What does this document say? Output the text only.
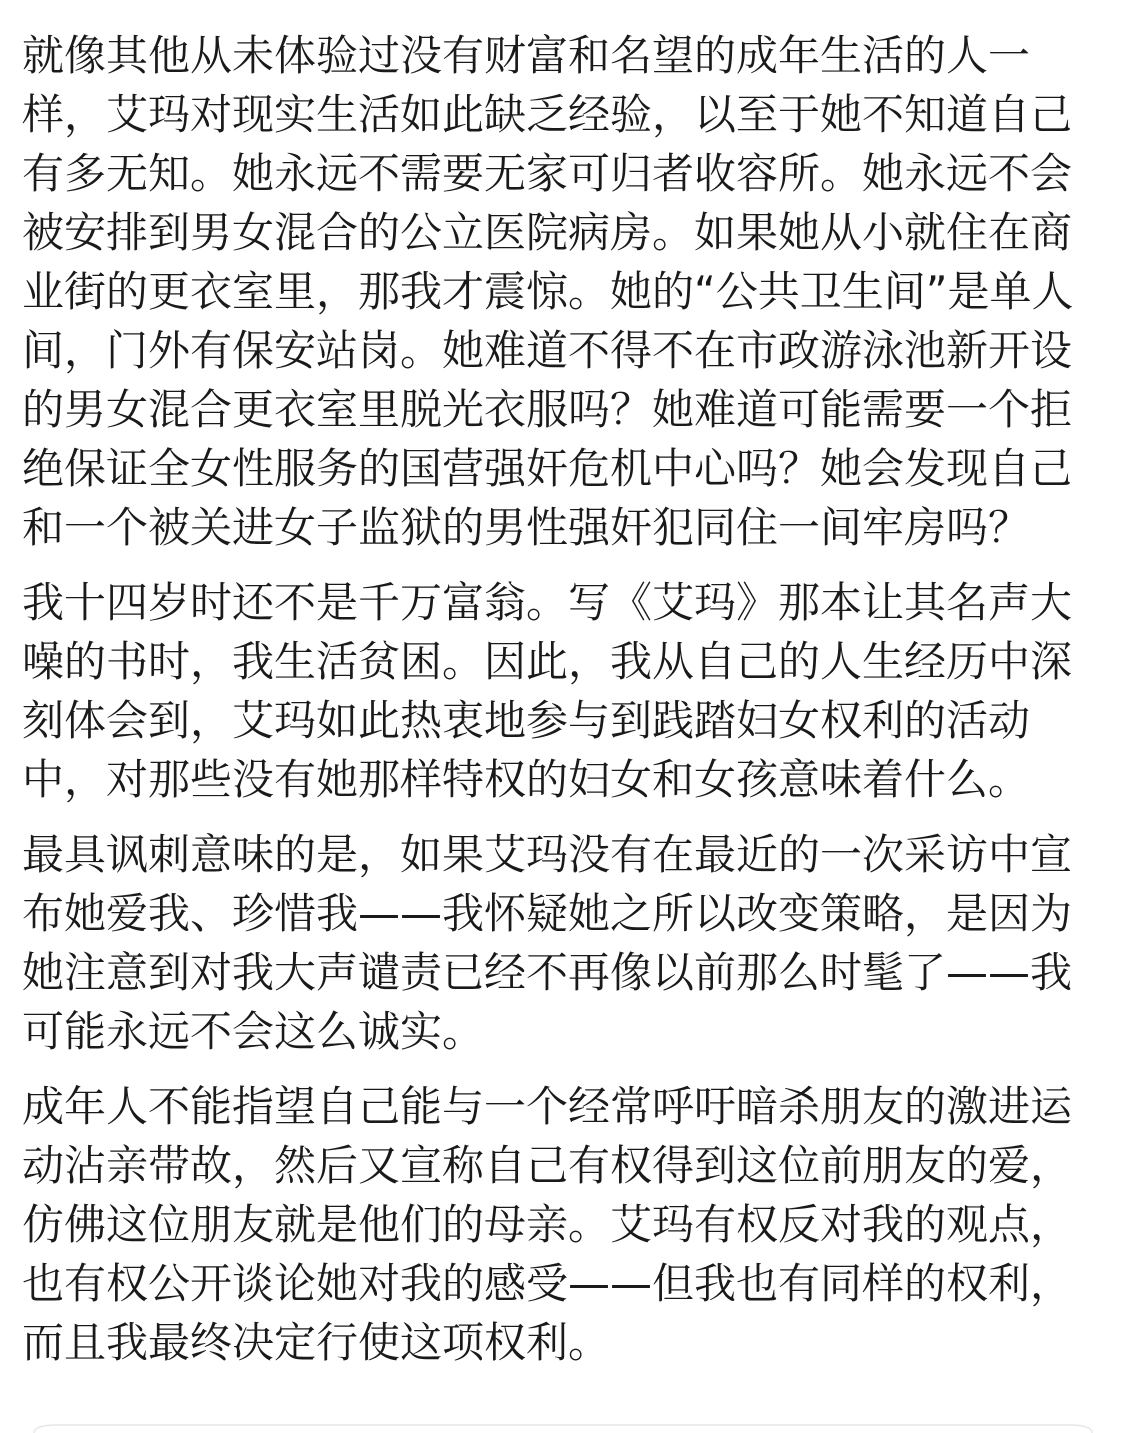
就像其他从未体验过没有财富和名望的成年生活的人一
样，艾玛对现实生活如此缺乏经验，以至于她不知道自己
有多无知。她永远不需要无家可归者收容所。她永远不会
被安排到男女混合的公立医院病房。如果她从小就住在商
业街的更衣室里，那我才震惊。她的“公共卫生间”是单人
间，门外有保安站岗。她难道不得不在市政游泳池新开设
的男女混合更衣室里脱光衣服吗？她难道可能需要一个拒
绝保证全女性服务的国营强奸危机中心吗？她会发现自己
和一个被关进女子监狱的男性强奸犯同住一间牢房吗？
我十四岁时还不是千万富翁。写《艾玛》那本让其名声大
噪的书时，我生活贫困。因此，我从自己的人生经历中深
刻体会到，艾玛如此热衷地参与到践踏妇女权利的活动
中，对那些没有她那样特权的妇女和女孩意味着什么。
最具讽刺意味的是，如果艾玛没有在最近的一次采访中宣
布她爱我、珍惜我——我怀疑她之所以改变策略，是因为
她注意到对我大声谴责已经不再像以前那么时髦了——我
可能永远不会这么诚实。
成年人不能指望自己能与一个经常呼吁暗杀朋友的激进运
动沾亲带故，然后又宣称自己有权得到这位前朋友的爱，
仿佛这位朋友就是他们的母亲。艾玛有权反对我的观点，
也有权公开谈论她对我的感受——但我也有同样的权利，
而且我最终决定行使这项权利。
